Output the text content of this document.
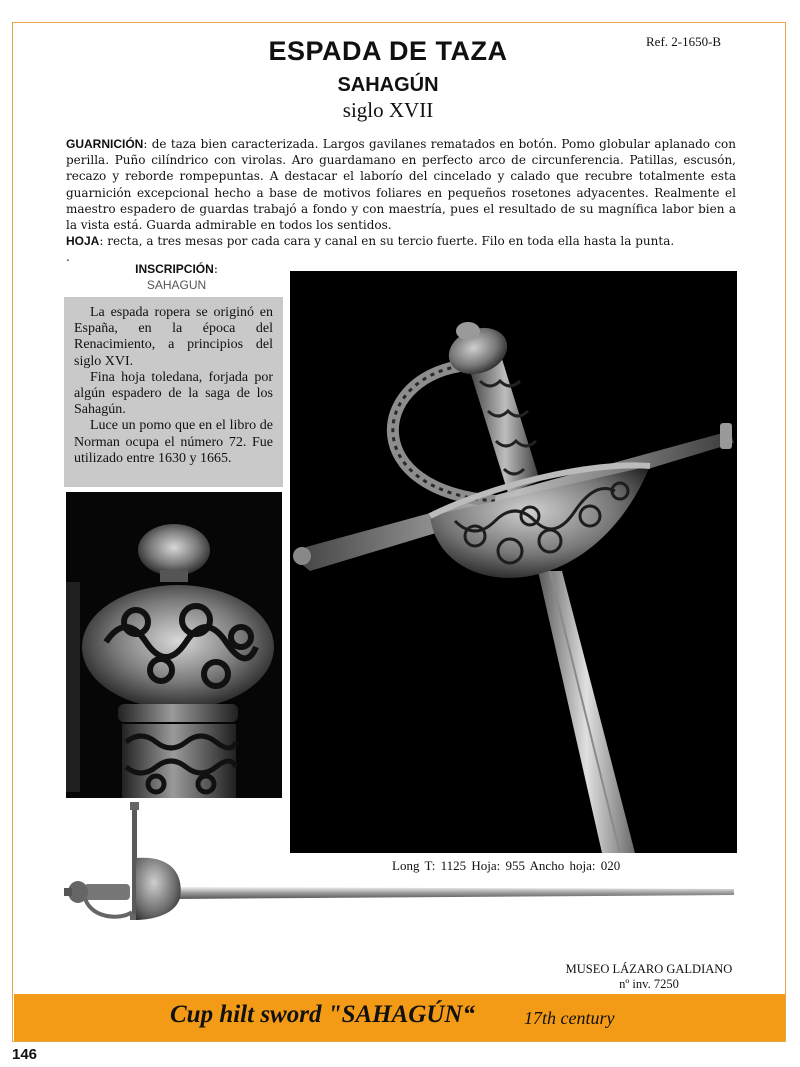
Ref. 2-1650-B
ESPADA DE TAZA
SAHAGÚN
siglo XVII

GUARNICIÓN: de taza bien caracterizada. Largos gavilanes rematados en botón. Pomo globular aplanado con perilla. Puño cilíndrico con virolas. Aro guardamano en perfecto arco de circunferencia. Patillas, escusón, recazo y reborde rompepuntas. A destacar el laborío del cincelado y calado que recubre totalmente esta guarnición excepcional hecho a base de motivos foliares en pequeños rosetones adyacentes. Realmente el maestro espadero de guardas trabajó a fondo y con maestría, pues el resultado de su magnífica labor bien a la vista está. Guarda admirable en todos los sentidos.

HOJA: recta, a tres mesas por cada cara y canal en su tercio fuerte. Filo en toda ella hasta la punta.

.

INSCRIPCIÓN:
SAHAGUN

La espada ropera se originó en España, en la época del Renacimiento, a principios del siglo XVI.

Fina hoja toledana, forjada por algún espadero de la saga de los Sahagún.

Luce un pomo que en el libro de Norman ocupa el número 72. Fue utilizado entre 1630 y 1665.

Long T: 1125 Hoja: 955 Ancho hoja: 020
MUSEO LÁZARO GALDIANO
nº inv. 7250
Cup hilt sword "SAHAGÚN“	17th century
146
